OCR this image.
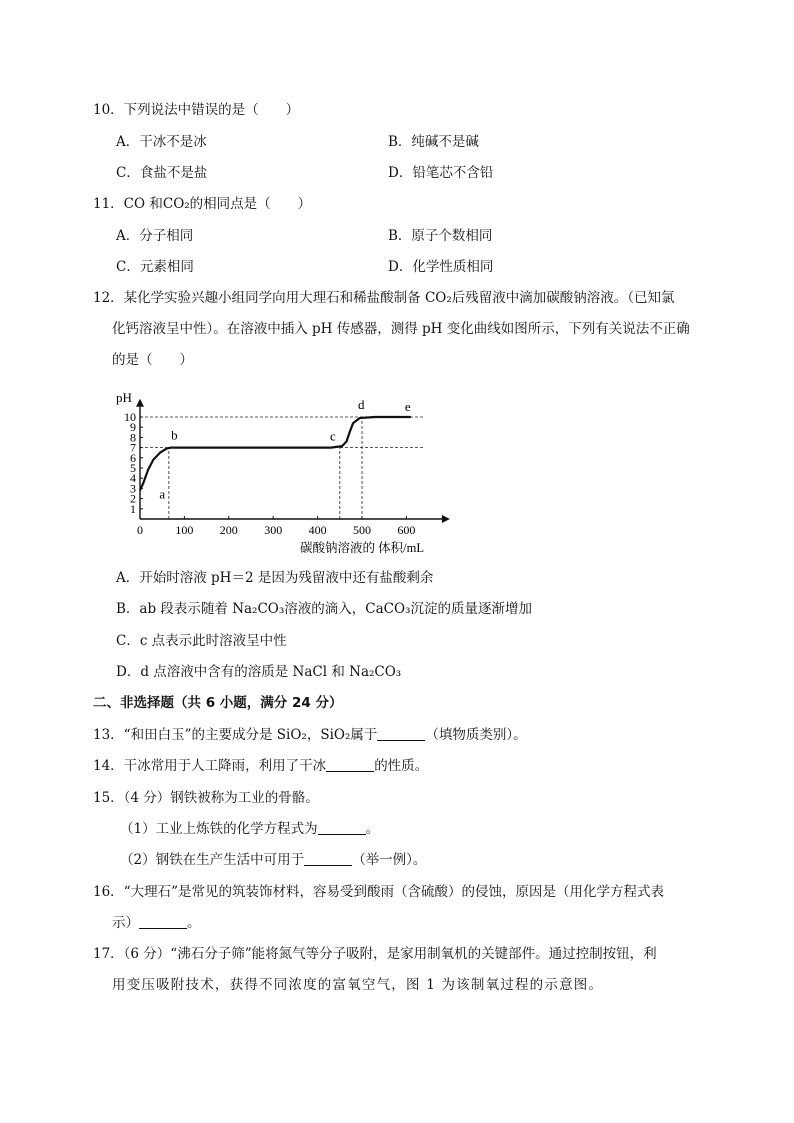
10．下列说法中错误的是（　　）
A．干冰不是冰	B．纯碱不是碱
C．食盐不是盐	D．铅笔芯不含铅
11．CO 和CO₂的相同点是（　　）
A．分子相同	B．原子个数相同
C．元素相同	D．化学性质相同
12．某化学实验兴趣小组同学向用大理石和稀盐酸制备 CO₂后残留液中滴加碳酸钠溶液。（已知氯
化钙溶液呈中性）。在溶液中插入 pH 传感器，测得 pH 变化曲线如图所示，下列有关说法不正确
的是（　　）
1
2
3
4
5
6
7
8
9
10
0	100 200 300 400 500 600
a
b	c
d	e
pH
碳酸钠溶液的 体积/mL
A．开始时溶液 pH＝2 是因为残留液中还有盐酸剩余
B．ab 段表示随着 Na₂CO₃溶液的滴入，CaCO₃沉淀的质量逐渐增加
C．c 点表示此时溶液呈中性
D．d 点溶液中含有的溶质是 NaCl 和 Na₂CO₃
二、非选择题（共 6 小题，满分 24 分）
13．“和田白玉”的主要成分是 SiO₂，SiO₂属于	（填物质类别）。
14．干冰常用于人工降雨，利用了干冰	的性质。
15．（4 分）钢铁被称为工业的骨骼。
（1）工业上炼铁的化学方程式为	。
（2）钢铁在生产生活中可用于	（举一例）。
16．“大理石”是常见的筑装饰材料，容易受到酸雨（含硫酸）的侵蚀，原因是（用化学方程式表
示）	。
17．（6 分）“沸石分子筛”能将氮气等分子吸附，是家用制氧机的关键部件。通过控制按钮，利
用变压吸附技术，获得不同浓度的富氧空气，图 1 为该制氧过程的示意图。
